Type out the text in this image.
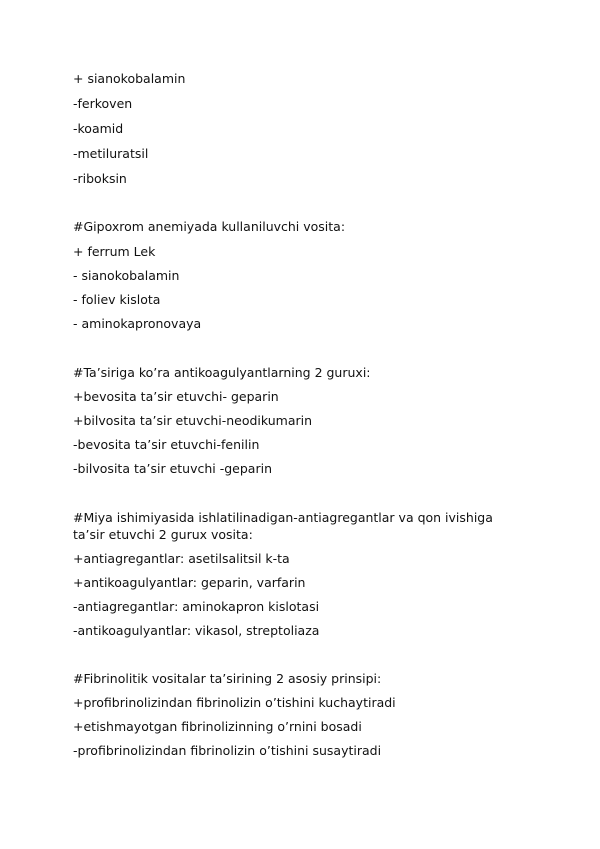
+ sianokobalamin
-ferkoven
-koamid
-metiluratsil
-riboksin
#Gipoxrom anemiyada kullaniluvchi vosita:
+ ferrum Lek
- sianokobalamin
- foliev kislota
- aminokapronovaya
#Ta’siriga ko’ra antikoagulyantlarning 2 guruxi:
+bevosita ta’sir etuvchi- geparin
+bilvosita ta’sir etuvchi-neodikumarin
-bevosita ta’sir etuvchi-fenilin
-bilvosita ta’sir etuvchi -geparin
#Miya ishimiyasida ishlatilinadigan-antiagregantlar va qon ivishiga ta’sir etuvchi 2 gurux vosita:
+antiagregantlar: asetilsalitsil k-ta
+antikoagulyantlar: geparin, varfarin
-antiagregantlar: aminokapron kislotasi
-antikoagulyantlar: vikasol, streptoliaza
#Fibrinolitik vositalar ta’sirining 2 asosiy prinsipi:
+profibrinolizindan fibrinolizin o’tishini kuchaytiradi
+etishmayotgan fibrinolizinning o’rnini bosadi
-profibrinolizindan fibrinolizin o’tishini susaytiradi
